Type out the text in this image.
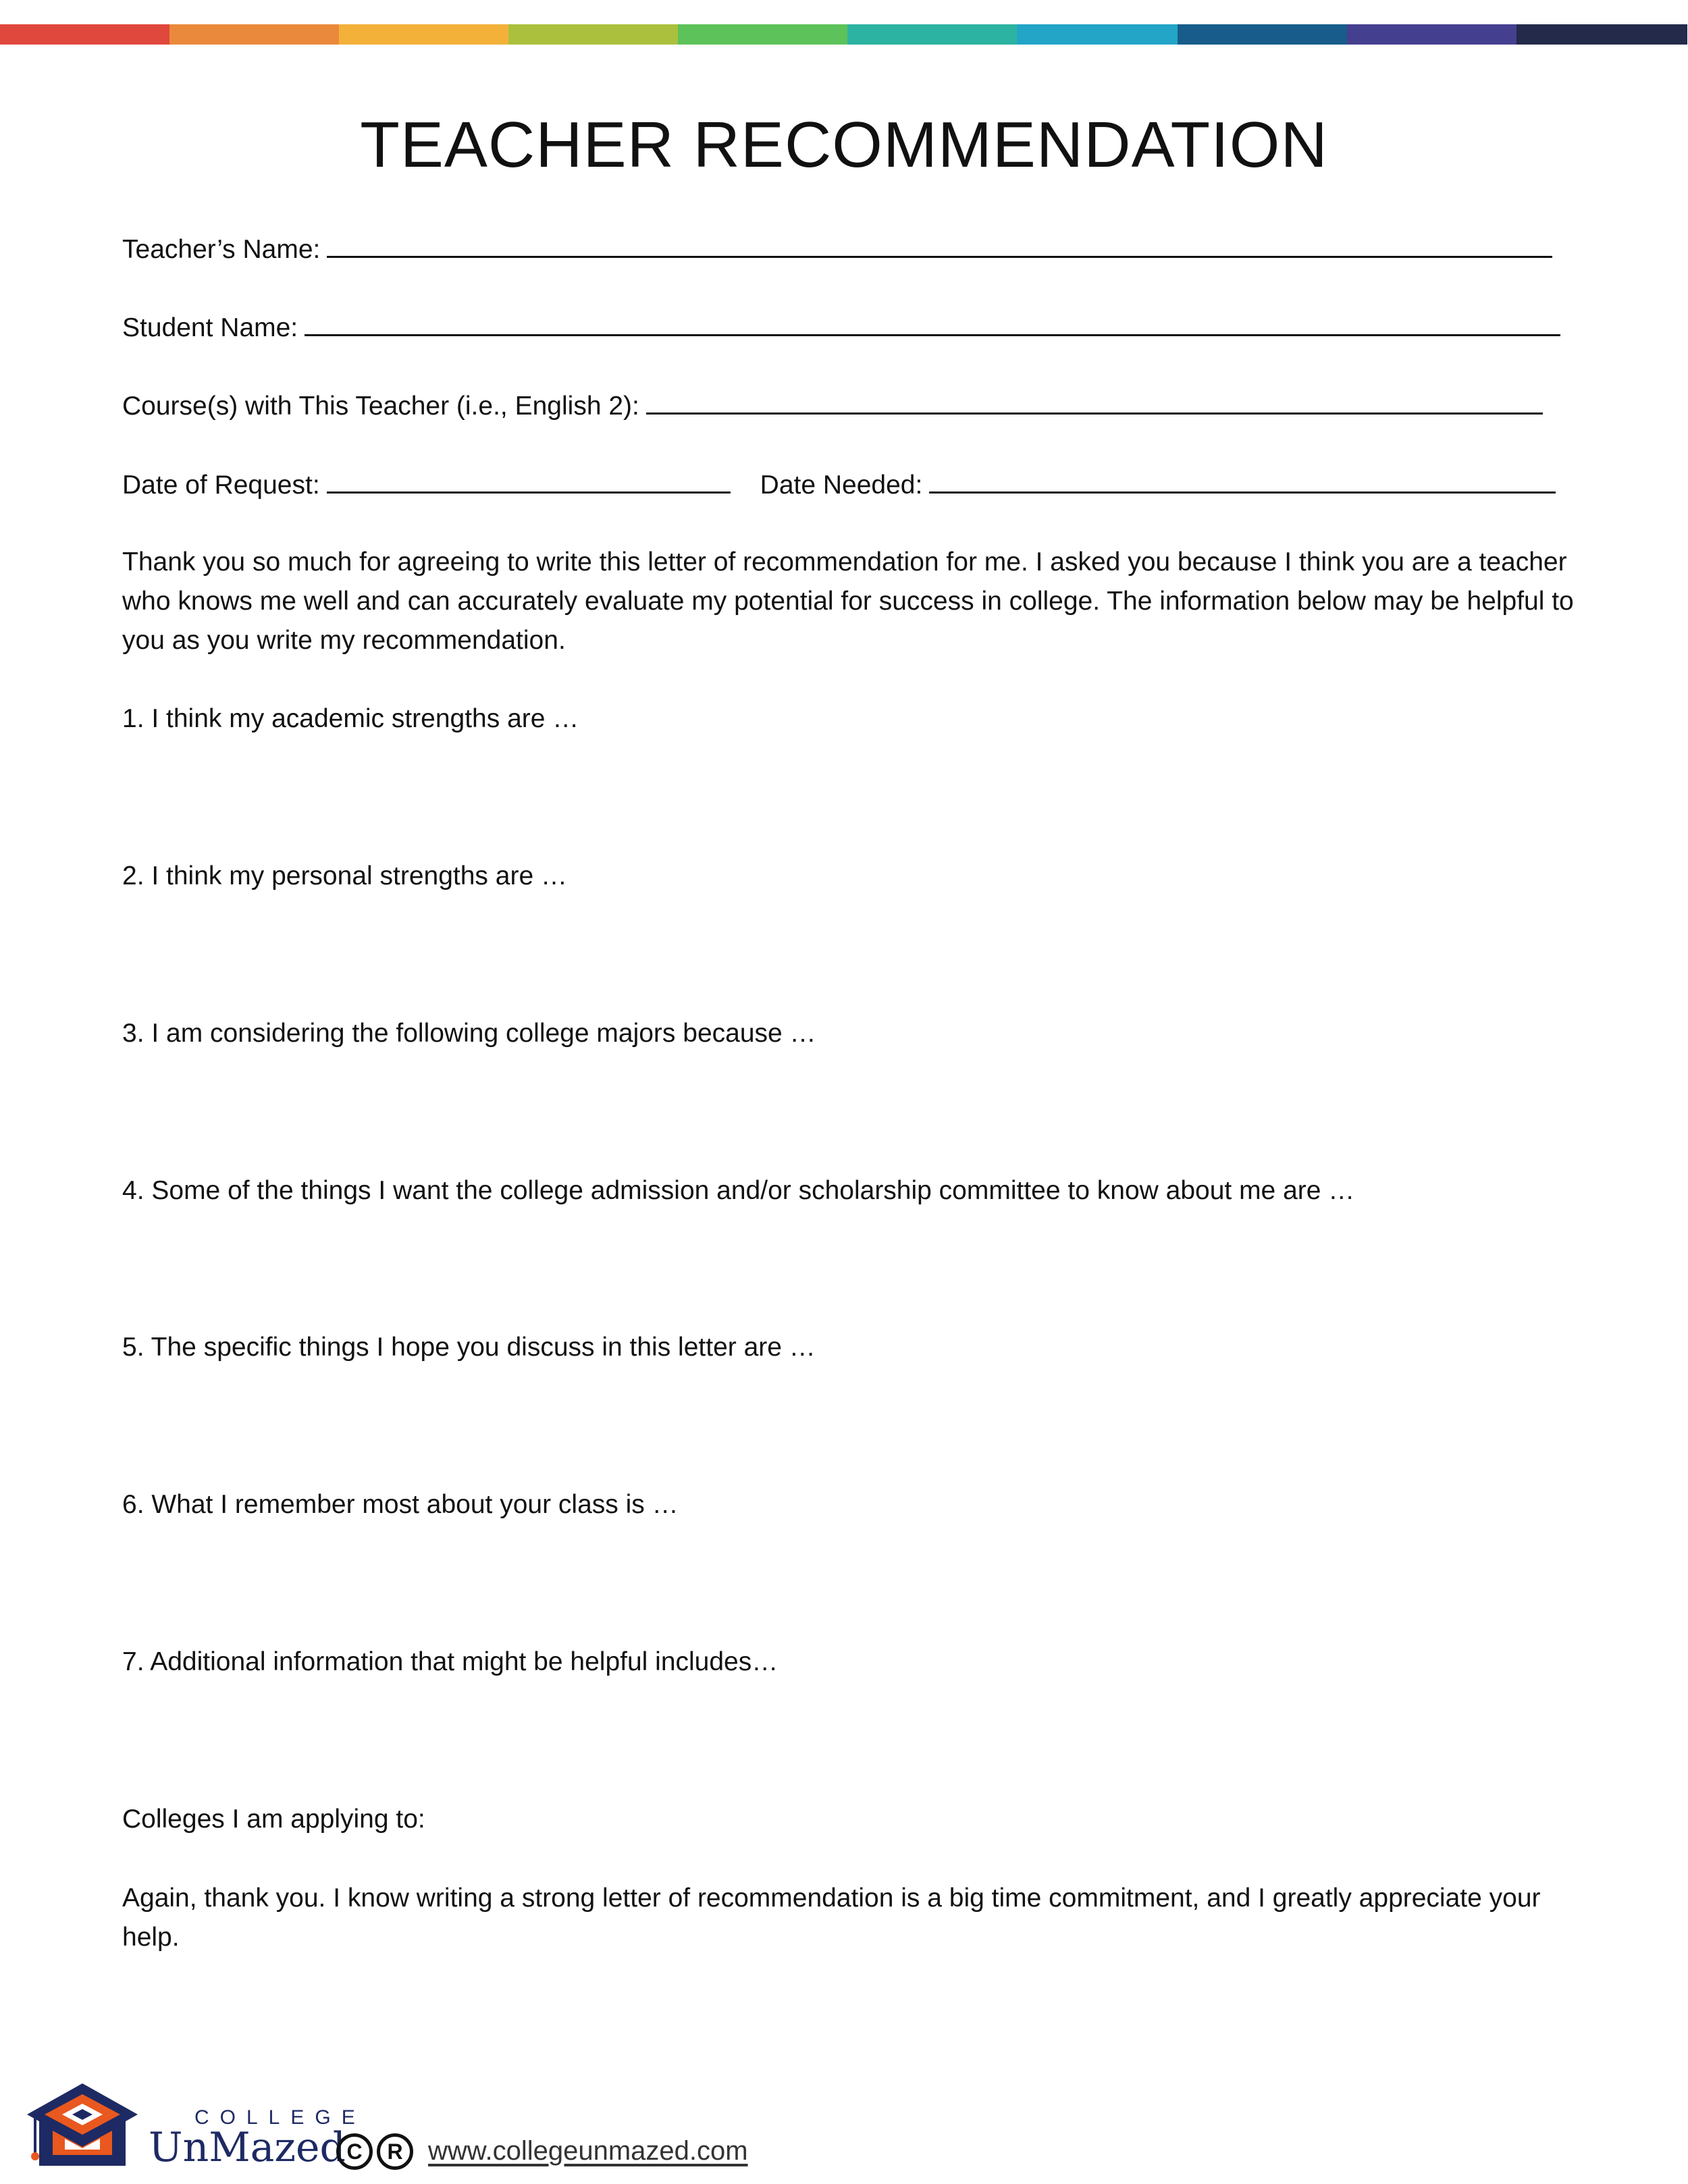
TEACHER RECOMMENDATION
Teacher’s Name:
Student Name:
Course(s) with This Teacher (i.e., English 2):
Date of Request:	Date Needed:

Thank you so much for agreeing to write this letter of recommendation for me. I asked you because I think you are a teacher who knows me well and can accurately evaluate my potential for success in college. The information below may be helpful to you as you write my recommendation.

1. I think my academic strengths are …

2. I think my personal strengths are …

3. I am considering the following college majors because …

4. Some of the things I want the college admission and/or scholarship committee to know about me are …

5. The specific things I hope you discuss in this letter are …

6. What I remember most about your class is …

7. Additional information that might be helpful includes…

Colleges I am applying to:

Again, thank you. I know writing a strong letter of recommendation is a big time commitment, and I greatly appreciate your help.

COLLEGE
UnMazed C	R www.collegeunmazed.com
